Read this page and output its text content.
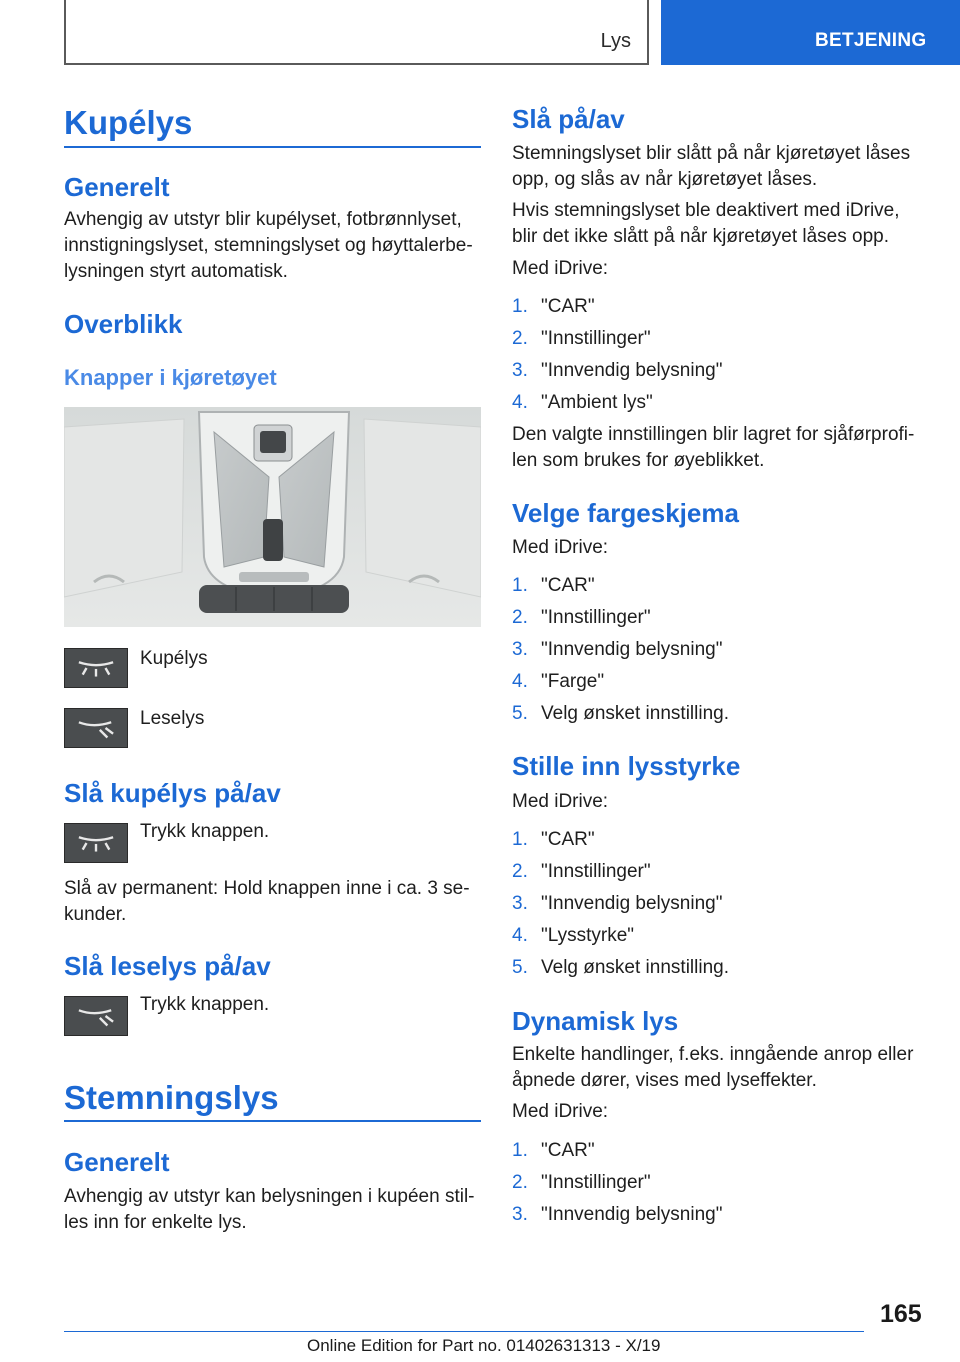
Lys	BETJENING
Kupélys
Generelt
Avhengig av utstyr blir kupélyset, fotbrønnlyset,
innstigningslyset, stemningslyset og høyttalerbe-
lysningen styrt automatisk.
Overblikk
Knapper i kjøretøyet
Kupélys
Leselys
Slå kupélys på/av
Trykk knappen.
Slå av permanent: Hold knappen inne i ca. 3 se-
kunder.
Slå leselys på/av
Trykk knappen.
Stemningslys
Generelt
Avhengig av utstyr kan belysningen i kupéen stil-
les inn for enkelte lys.
Slå på/av
Stemningslyset blir slått på når kjøretøyet låses
opp, og slås av når kjøretøyet låses.
Hvis stemningslyset ble deaktivert med iDrive,
blir det ikke slått på når kjøretøyet låses opp.
Med iDrive:
1. "CAR"
2. "Innstillinger"
3. "Innvendig belysning"
4. "Ambient lys"
Den valgte innstillingen blir lagret for sjåførprofi-
len som brukes for øyeblikket.
Velge fargeskjema
Med iDrive:
1. "CAR"
2. "Innstillinger"
3. "Innvendig belysning"
4. "Farge"
5. Velg ønsket innstilling.
Stille inn lysstyrke
Med iDrive:
1. "CAR"
2. "Innstillinger"
3. "Innvendig belysning"
4. "Lysstyrke"
5. Velg ønsket innstilling.
Dynamisk lys
Enkelte handlinger, f.eks. inngående anrop eller
åpnede dører, vises med lyseffekter.
Med iDrive:
1. "CAR"
2. "Innstillinger"
3. "Innvendig belysning"
165
Online Edition for Part no. 01402631313 - X/19
